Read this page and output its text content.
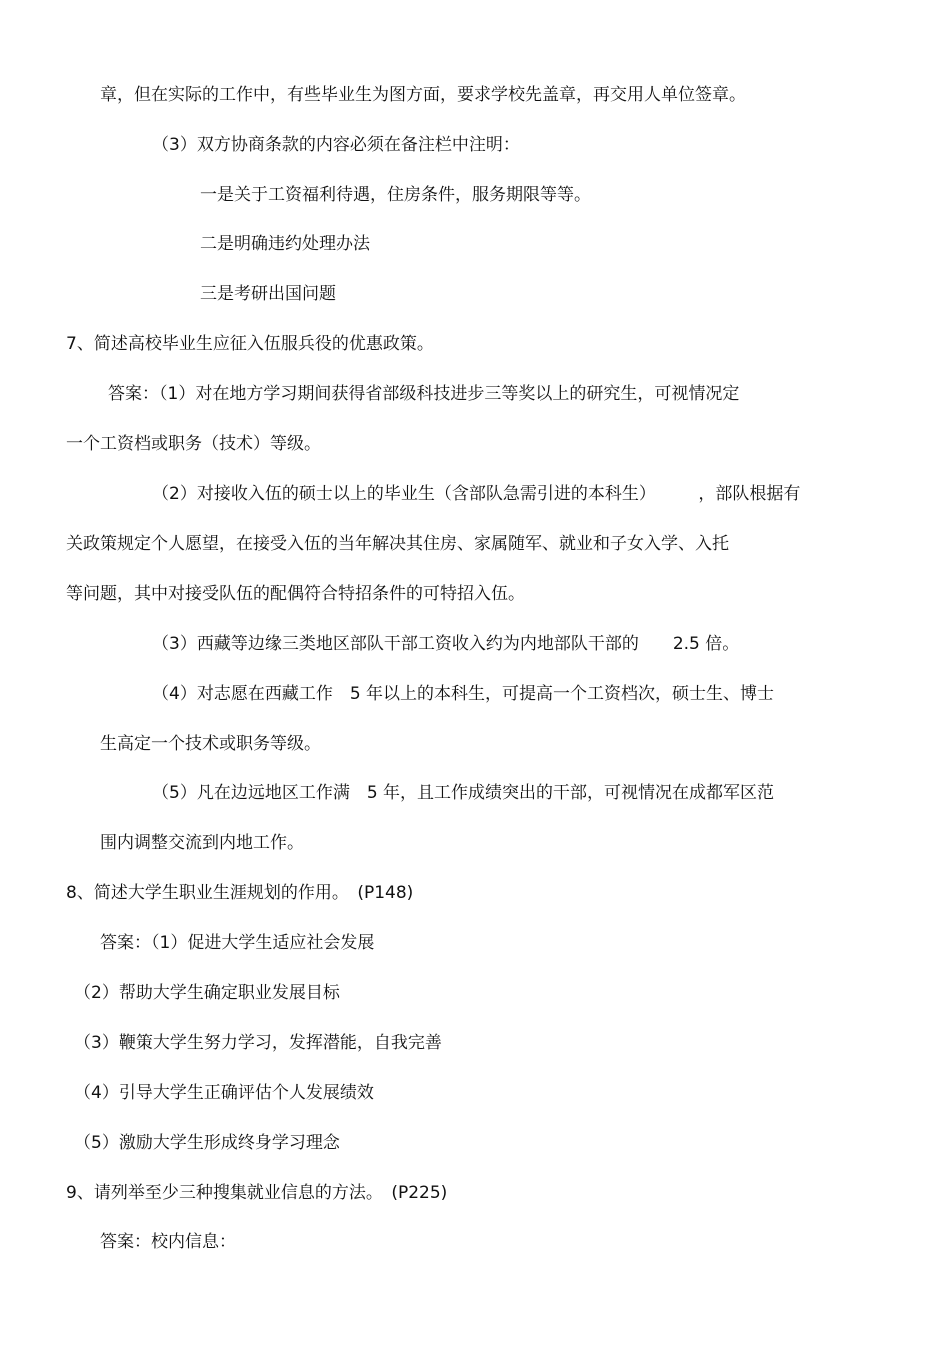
章，但在实际的工作中，有些毕业生为图方面，要求学校先盖章，再交用人单位签章。

（3）双方协商条款的内容必须在备注栏中注明：

一是关于工资福利待遇，住房条件，服务期限等等。

二是明确违约处理办法

三是考研出国问题

7、简述高校毕业生应征入伍服兵役的优惠政策。

答案：（1）对在地方学习期间获得省部级科技进步三等奖以上的研究生，可视情况定

一个工资档或职务（技术）等级。

（2）对接收入伍的硕士以上的毕业生（含部队急需引进的本科生）　　　，部队根据有

关政策规定个人愿望，在接受入伍的当年解决其住房、家属随军、就业和子女入学、入托

等问题，其中对接受队伍的配偶符合特招条件的可特招入伍。

（3）西藏等边缘三类地区部队干部工资收入约为内地部队干部的　　2.5 倍。

（4）对志愿在西藏工作　5 年以上的本科生，可提高一个工资档次，硕士生、博士

生高定一个技术或职务等级。

（5）凡在边远地区工作满　5 年，且工作成绩突出的干部，可视情况在成都军区范

围内调整交流到内地工作。

8、简述大学生职业生涯规划的作用。　(P148)

答案：（1）促进大学生适应社会发展

（2）帮助大学生确定职业发展目标

（3）鞭策大学生努力学习，发挥潜能，自我完善

（4）引导大学生正确评估个人发展绩效

（5）激励大学生形成终身学习理念

9、请列举至少三种搜集就业信息的方法。　(P225)

答案：校内信息：
